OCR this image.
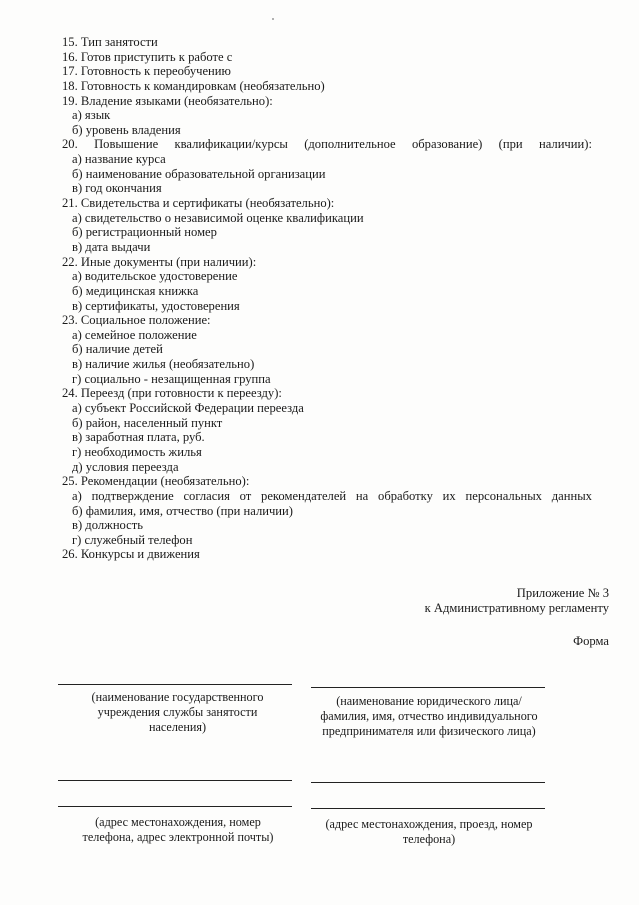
15. Тип занятости
16. Готов приступить к работе с
17. Готовность к переобучению
18. Готовность к командировкам (необязательно)
19. Владение языками (необязательно):
а) язык
б) уровень владения
20. Повышение квалификации/курсы (дополнительное образование) (при наличии):
а) название курса
б) наименование образовательной организации
в) год окончания
21. Свидетельства и сертификаты (необязательно):
а) свидетельство о независимой оценке квалификации
б) регистрационный номер
в) дата выдачи
22. Иные документы (при наличии):
а) водительское удостоверение
б) медицинская книжка
в) сертификаты, удостоверения
23. Социальное положение:
а) семейное положение
б) наличие детей
в) наличие жилья (необязательно)
г) социально - незащищенная группа
24. Переезд (при готовности к переезду):
а) субъект Российской Федерации переезда
б) район, населенный пункт
в) заработная плата, руб.
г) необходимость жилья
д) условия переезда
25. Рекомендации (необязательно):
а) подтверждение согласия от рекомендателей на обработку их персональных данных
б) фамилия, имя, отчество (при наличии)
в) должность
г) служебный телефон
26. Конкурсы и движения
Приложение № 3
к Административному регламенту
Форма
(наименование государственного учреждения службы занятости населения)
(наименование юридического лица/фамилия, имя, отчество индивидуального предпринимателя или физического лица)
(адрес местонахождения, номер телефона, адрес электронной почты)
(адрес местонахождения, проезд, номер телефона)
